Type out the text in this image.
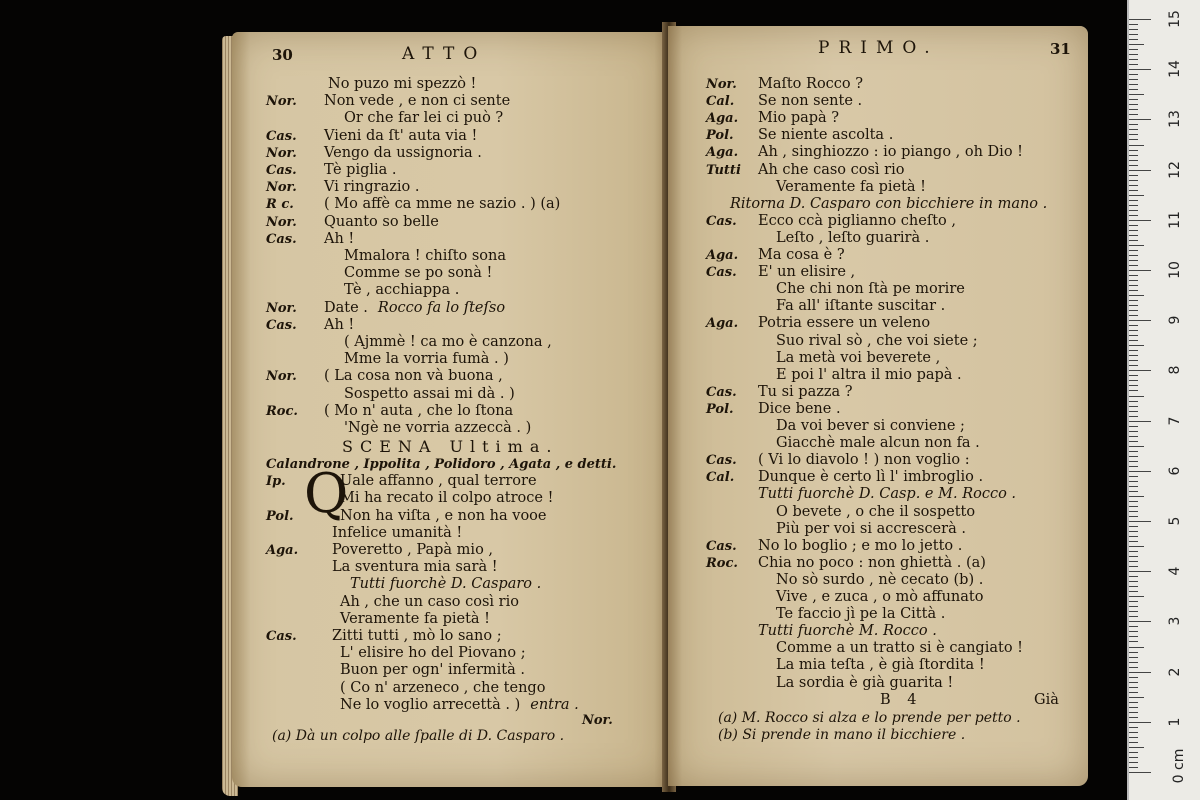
30	ATTO
No puzo mi spezzò !
Nor. Non vede , e non ci sente
Or che far lei ci può ?
Cas. Vieni da ſt' auta via !
Nor. Vengo da ussignoria .
Cas. Tè piglia .
Nor. Vi ringrazio .
R c. ( Mo affè ca mme ne sazio . ) (a)
Nor. Quanto so belle
Cas. Ah !
Mmalora ! chiſto sona
Comme se po sonà !
Tè , acchiappa .
Nor. Date . Rocco fa lo ſteſso
Cas. Ah !
( Ajmmè ! ca mo è canzona ,
Mme la vorria fumà . )
Nor. ( La cosa non và buona ,
Sospetto assai mi dà . )
Roc. ( Mo n' auta , che lo ſtona
'Ngè ne vorria azzeccà . )
SCENA Ultima.
Calandrone , Ippolita , Polidoro , Agata , e detti.
Q
Ip.	Uale affanno , qual terrore
Mi ha recato il colpo atroce !
Pol.	Non ha viſta , e non ha vooe
Infelice umanità !
Aga. Poveretto , Papà mio ,
La sventura mia sarà !
Tutti fuorchè D. Casparo .
Ah , che un caso così rio
Veramente fa pietà !
Cas. Zitti tutti , mò lo sano ;
L' elisire ho del Piovano ;
Buon per ogn' infermità .
( Co n' arzeneco , che tengo
Ne lo voglio arrecettà . ) entra .
Nor.
(a) Dà un colpo alle ſpalle di D. Casparo .
PRIMO.	31
Nor. Maſto Rocco ?
Cal. Se non sente .
Aga. Mio papà ?
Pol. Se niente ascolta .
Aga. Ah , singhiozzo : io piango , oh Dio !
Tutti Ah che caso così rio
Veramente fa pietà !
Ritorna D. Casparo con bicchiere in mano .
Cas. Ecco ccà piglianno cheſto ,
Leſto , leſto guarirà .
Aga. Ma cosa è ?
Cas. E' un elisire ,
Che chi non ſtà pe morire
Fa all' iſtante suscitar .
Aga. Potria essere un veleno
Suo rival sò , che voi siete ;
La metà voi beverete ,
E poi l' altra il mio papà .
Cas. Tu si pazza ?
Pol. Dice bene .
Da voi bever si conviene ;
Giacchè male alcun non fa .
Cas. ( Vi lo diavolo ! ) non voglio :
Cal. Dunque è certo lì l' imbroglio .
Tutti fuorchè D. Casp. e M. Rocco .
O bevete , o che il sospetto
Più per voi si accrescerà .
Cas. No lo boglio ; e mo lo jetto .
Roc. Chia no poco : non ghiettà . (a)
No sò surdo , nè cecato (b) .
Vive , e zuca , o mò affunato
Te faccio jì pe la Città .
Tutti fuorchè M. Rocco .
Comme a un tratto si è cangiato !
La mia teſta , è già ſtordita !
La sordia è già guarita !
B 4	Già
(a) M. Rocco si alza e lo prende per petto .
(b) Si prende in mano il bicchiere .
0 cm
1
2
3
4
5
6
7
8
9
10
11
12
13
14
15
